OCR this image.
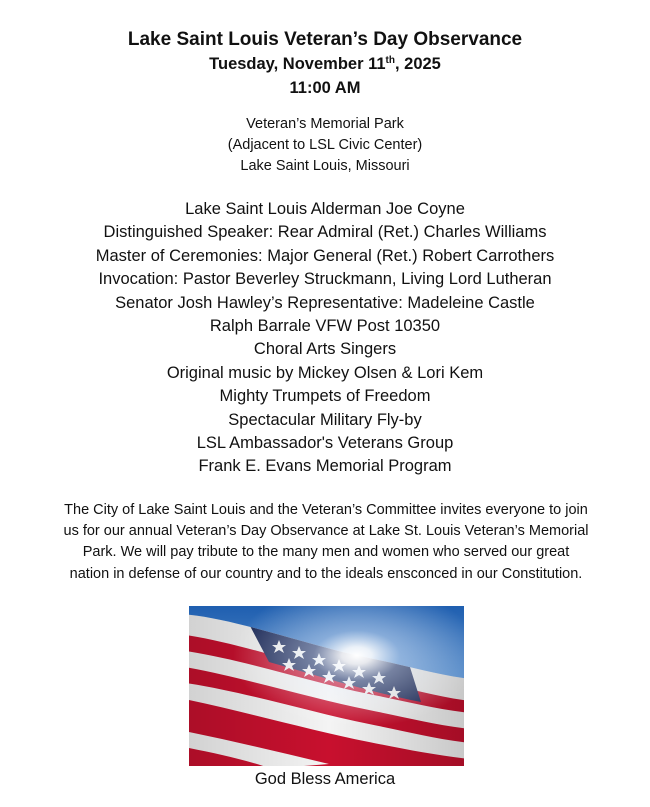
Lake Saint Louis Veteran’s Day Observance
Tuesday, November 11th, 2025
11:00 AM
Veteran’s Memorial Park
(Adjacent to LSL Civic Center)
Lake Saint Louis, Missouri
Lake Saint Louis Alderman Joe Coyne
Distinguished Speaker: Rear Admiral (Ret.) Charles Williams
Master of Ceremonies: Major General (Ret.) Robert Carrothers
Invocation: Pastor Beverley Struckmann, Living Lord Lutheran
Senator Josh Hawley’s Representative: Madeleine Castle
Ralph Barrale VFW Post 10350
Choral Arts Singers
Original music by Mickey Olsen & Lori Kem
Mighty Trumpets of Freedom
Spectacular Military Fly-by
LSL Ambassador's Veterans Group
Frank E. Evans Memorial Program
The City of Lake Saint Louis and the Veteran’s Committee invites everyone to join
us for our annual Veteran’s Day Observance at Lake St. Louis Veteran’s Memorial
Park. We will pay tribute to the many men and women who served our great
nation in defense of our country and to the ideals ensconced in our Constitution.
God Bless America
